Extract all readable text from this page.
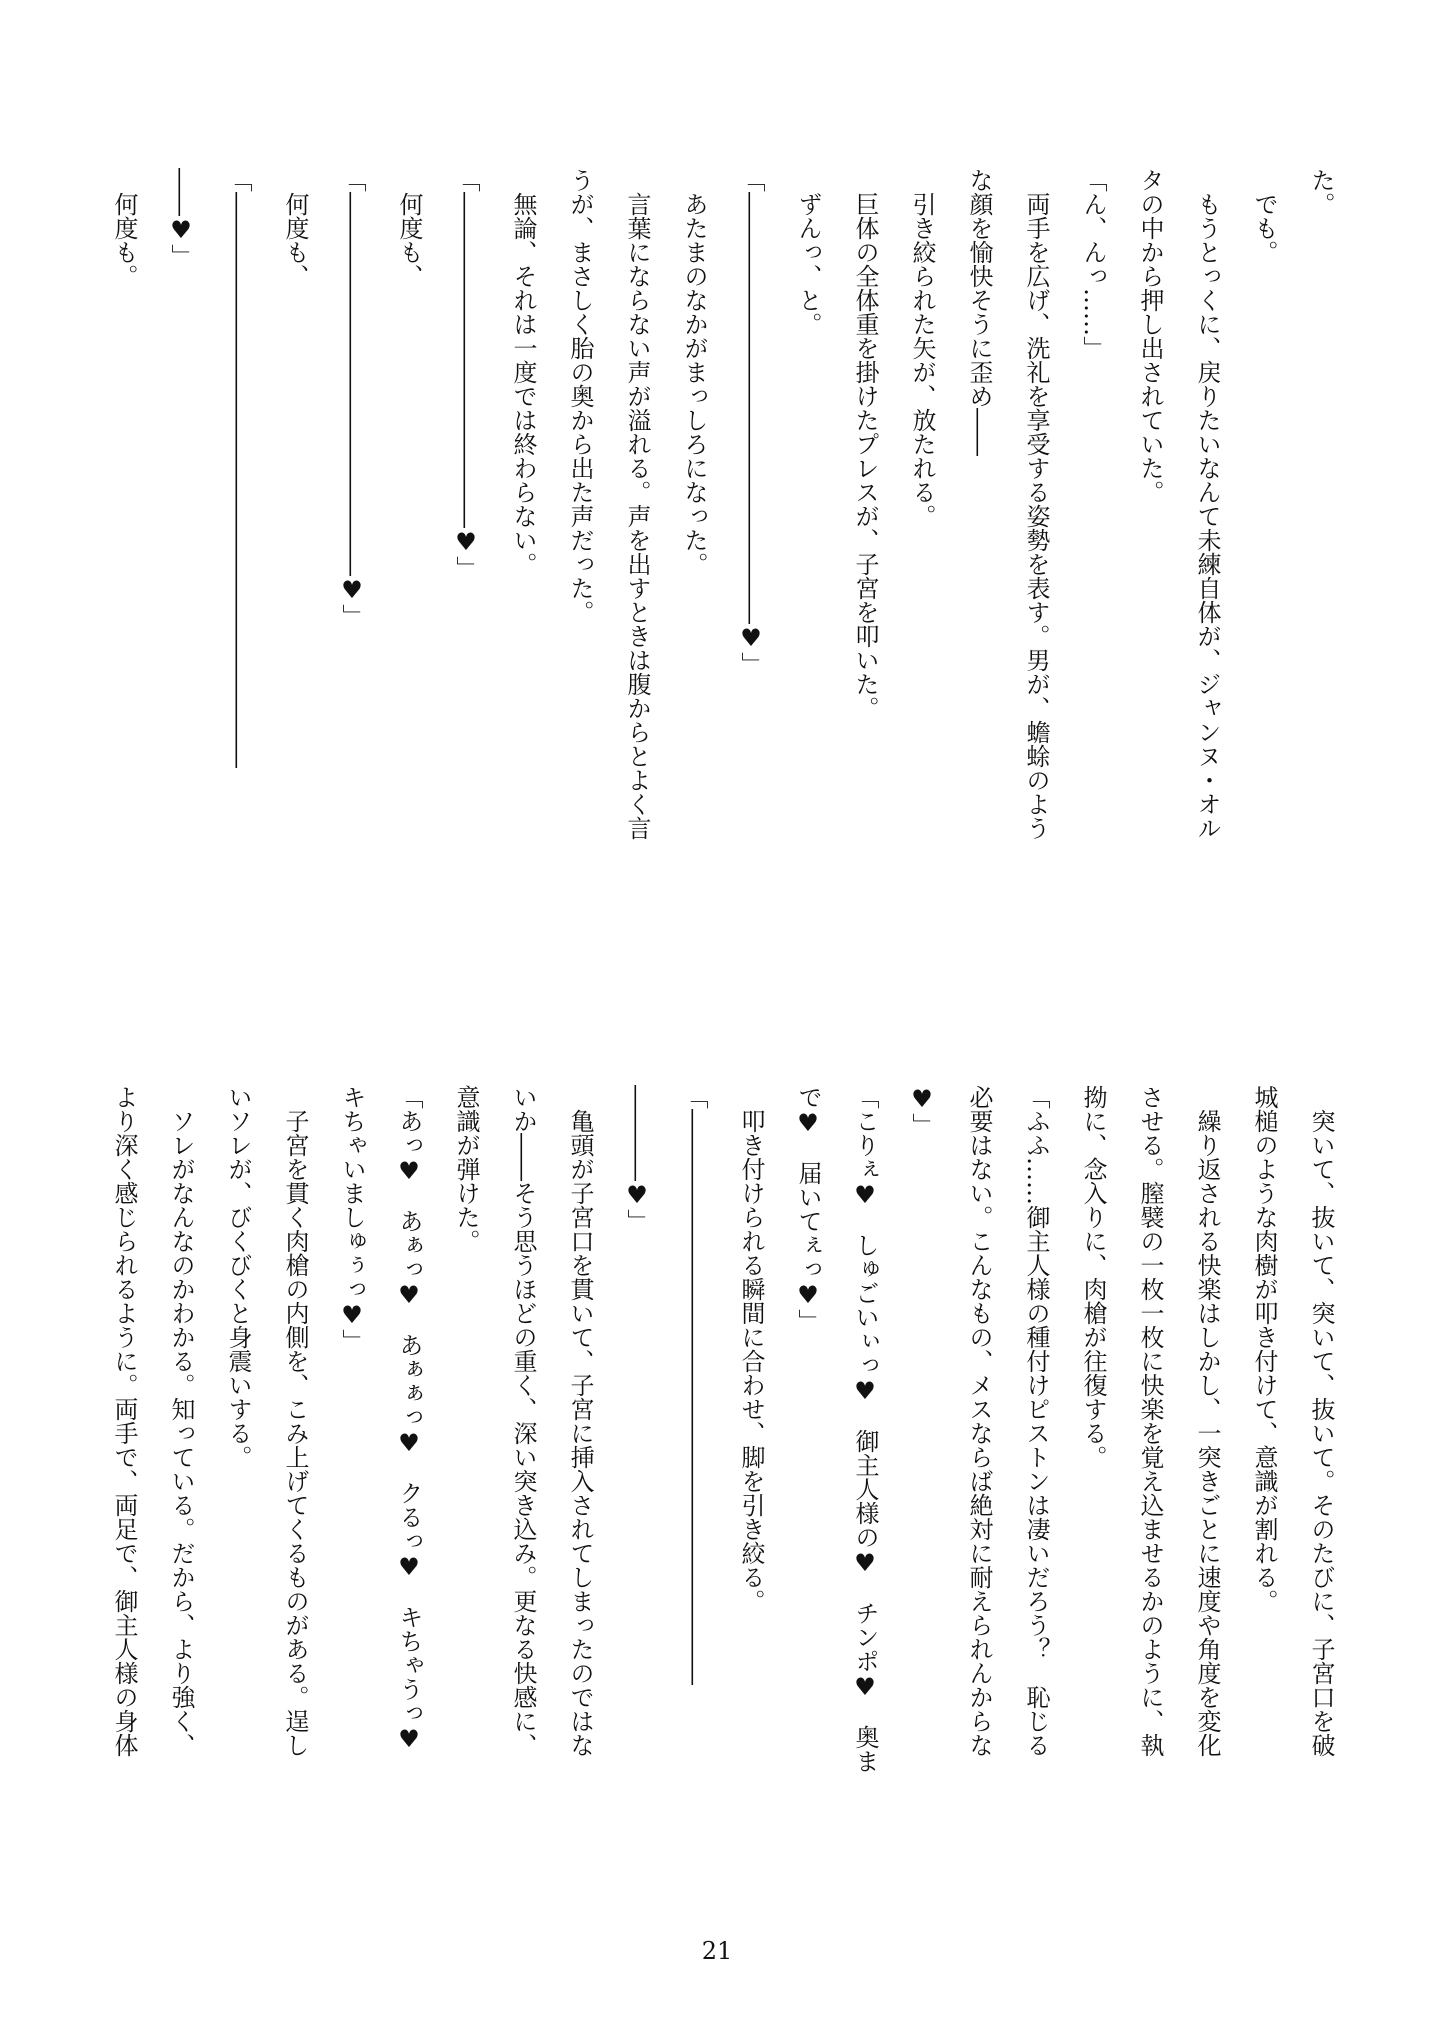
た。

　でも。

　もうとっくに、戻りたいなんて未練自体が、ジャンヌ・オル

タの中から押し出されていた。

「ん、んっ……」

　両手を広げ、洗礼を享受する姿勢を表す。男が、蟾蜍のよう

な顔を愉快そうに歪め――

　引き絞られた矢が、放たれる。

　巨体の全体重を掛けたプレスが、子宮を叩いた。

　ずんっ、と。

「――――――――――――――――――♥」

　あたまのなかがまっしろになった。

　言葉にならない声が溢れる。声を出すときは腹からとよく言

うが、まさしく胎の奥から出た声だった。

　無論、それは一度では終わらない。

「――――――――――――――♥」

　何度も、

「――――――――――――――――♥」

　何度も、

「――――――――――――――――――――――――

――♥」

　何度も。

　突いて、抜いて、突いて、抜いて。そのたびに、子宮口を破

城槌のような肉樹が叩き付けて、意識が割れる。

　繰り返される快楽はしかし、一突きごとに速度や角度を変化

させる。膣襞の一枚一枚に快楽を覚え込ませるかのように、執

拗に、念入りに、肉槍が往復する。

「ふふ……御主人様の種付けピストンは凄いだろう？　恥じる

必要はない。こんなもの、メスならば絶対に耐えられんからな

♥」

「こりぇ♥　しゅごいぃっ♥　御主人様の♥　チンポ♥　奥ま

で♥　届いてぇっ♥」

　叩き付けられる瞬間に合わせ、脚を引き絞る。

「――――――――――――――――――――――――

――――♥」

　亀頭が子宮口を貫いて、子宮に挿入されてしまったのではな

いか――そう思うほどの重く、深い突き込み。更なる快感に、

意識が弾けた。

「あっ♥　あぁっ♥　あぁぁっ♥　クるっ♥　キちゃうっ♥

キちゃいましゅぅっ♥」

　子宮を貫く肉槍の内側を、こみ上げてくるものがある。逞し

いソレが、びくびくと身震いする。

　ソレがなんなのかわかる。知っている。だから、より強く、

より深く感じられるように。両手で、両足で、御主人様の身体

21
